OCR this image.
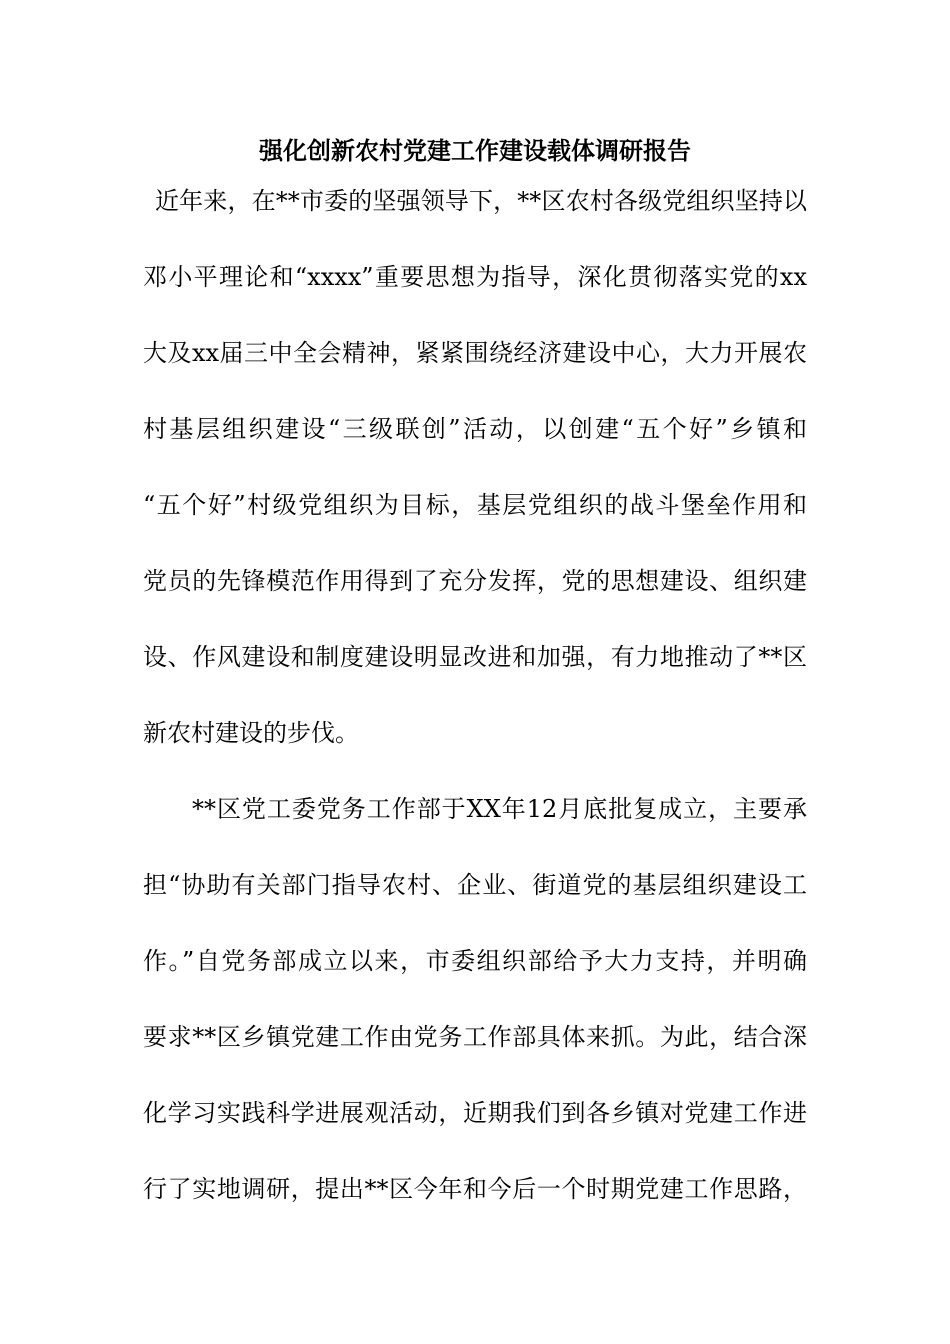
强化创新农村党建工作建设载体调研报告

近年来，在**市委的坚强领导下，**区农村各级党组织坚持以

邓小平理论和“xxxx”重要思想为指导，深化贯彻落实党的xx

大及xx届三中全会精神，紧紧围绕经济建设中心，大力开展农

村基层组织建设“三级联创”活动，以创建“五个好”乡镇和

“五个好”村级党组织为目标，基层党组织的战斗堡垒作用和

党员的先锋模范作用得到了充分发挥，党的思想建设、组织建

设、作风建设和制度建设明显改进和加强，有力地推动了**区

新农村建设的步伐。

**区党工委党务工作部于XX年12月底批复成立，主要承

担“协助有关部门指导农村、企业、街道党的基层组织建设工

作。”自党务部成立以来，市委组织部给予大力支持，并明确

要求**区乡镇党建工作由党务工作部具体来抓。为此，结合深

化学习实践科学进展观活动，近期我们到各乡镇对党建工作进

行了实地调研，提出**区今年和今后一个时期党建工作思路，
